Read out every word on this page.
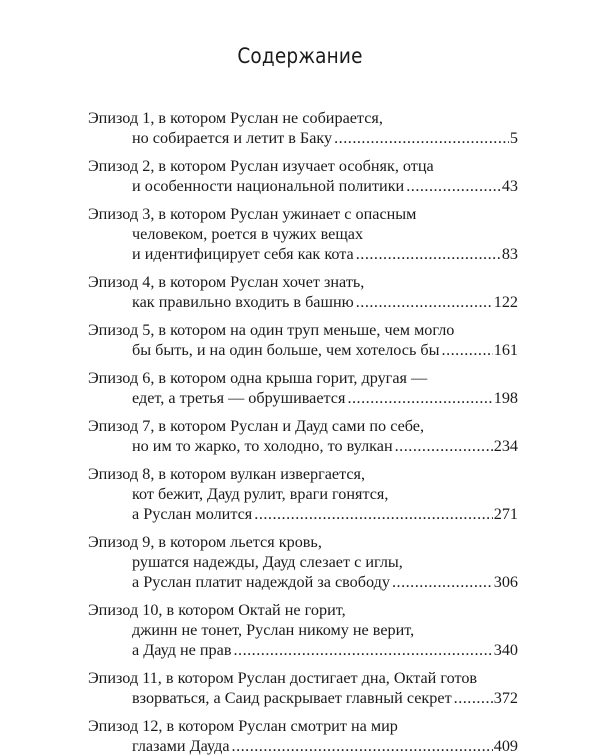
Содержание
Эпизод 1, в котором Руслан не собирается,
но собирается и летит в Баку .....	5
Эпизод 2, в котором Руслан изучает особняк, отца
и особенности национальной политики .....	43
Эпизод 3, в котором Руслан ужинает с опасным
человеком, роется в чужих вещах
и идентифицирует себя как кота .....	83
Эпизод 4, в котором Руслан хочет знать,
как правильно входить в башню .....	122
Эпизод 5, в котором на один труп меньше, чем могло
бы быть, и на один больше, чем хотелось бы .....	161
Эпизод 6, в котором одна крыша горит, другая —
едет, а третья — обрушивается .....	198
Эпизод 7, в котором Руслан и Дауд сами по себе,
но им то жарко, то холодно, то вулкан .....	234
Эпизод 8, в котором вулкан извергается,
кот бежит, Дауд рулит, враги гонятся,
а Руслан молится .....	271
Эпизод 9, в котором льется кровь,
рушатся надежды, Дауд слезает с иглы,
а Руслан платит надеждой за свободу .....	306
Эпизод 10, в котором Октай не горит,
джинн не тонет, Руслан никому не верит,
а Дауд не прав .....	340
Эпизод 11, в котором Руслан достигает дна, Октай готов
взорваться, а Саид раскрывает главный секрет .....	372
Эпизод 12, в котором Руслан смотрит на мир
глазами Дауда .....	409
